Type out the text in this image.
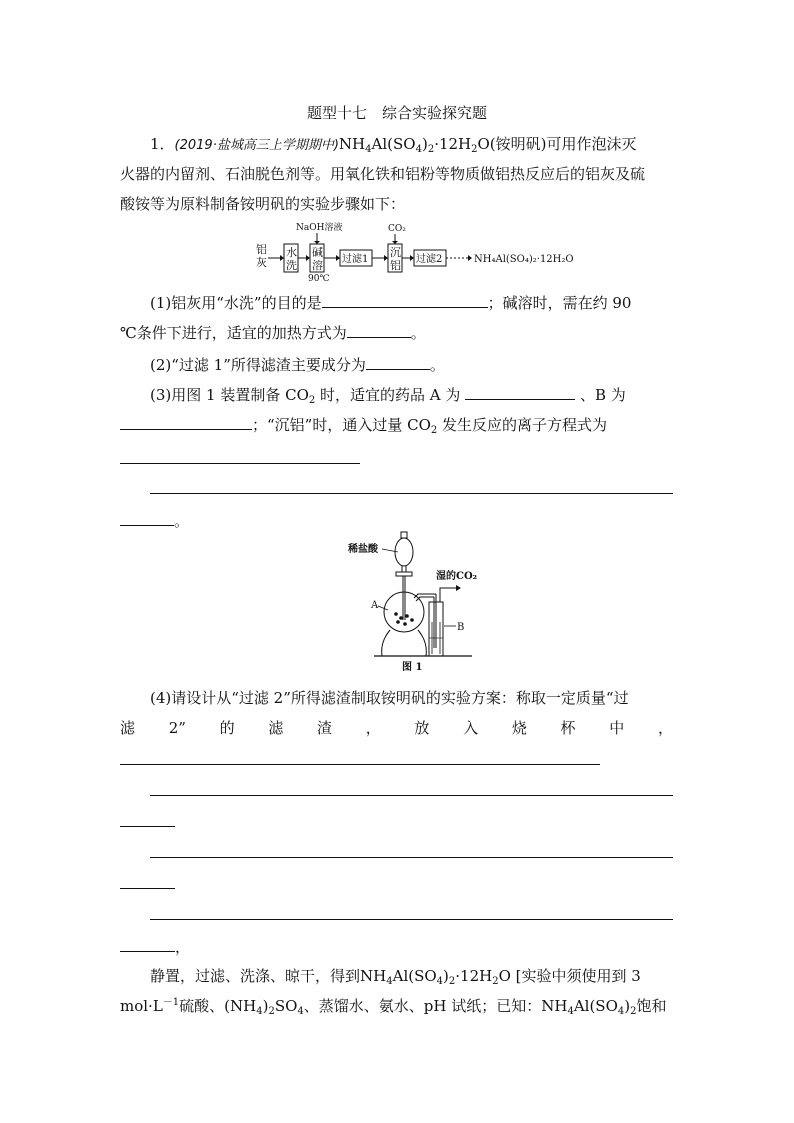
题型十七　综合实验探究题
1．(2019·盐城高三上学期期中)$NH_4Al(SO_4)_2\cdot 12H_2O$(铵明矾)可用作泡沫灭
火器的内留剂、石油脱色剂等。用氧化铁和铝粉等物质做铝热反应后的铝灰及硫
酸铵等为原料制备铵明矾的实验步骤如下：
铝
灰
水
洗
NaOH溶液
碱
溶
90℃
过滤1
CO₂
沉
铝 过滤2	NH₄Al(SO₄)₂·12H₂O
(1)铝灰用“水洗”的目的是	；碱溶时，需在约 90
℃条件下进行，适宜的加热方式为	。
(2)“过滤 1”所得滤渣主要成分为	。
(3)用图 1 装置制备 $CO_2$ 时，适宜的药品 A 为	、B 为
；“沉铝”时，通入过量 $CO_2$ 发生反应的离子方程式为
。
稀盐酸
A
湿的CO₂
B
图 1
(4)请设计从“过滤 2”所得滤渣制取铵明矾的实验方案：称取一定质量“过
滤 2” 的 滤 渣 ， 放 入 烧 杯 中 ，
，
静置，过滤、洗涤、晾干，得到$NH_4Al(SO_4)_2\cdot 12H_2O$ [实验中须使用到 3
$mol\cdot L^{-1}$硫酸、$(NH_4)_2SO_4$、蒸馏水、氨水、pH 试纸；已知：$NH_4Al(SO_4)_2$饱和
